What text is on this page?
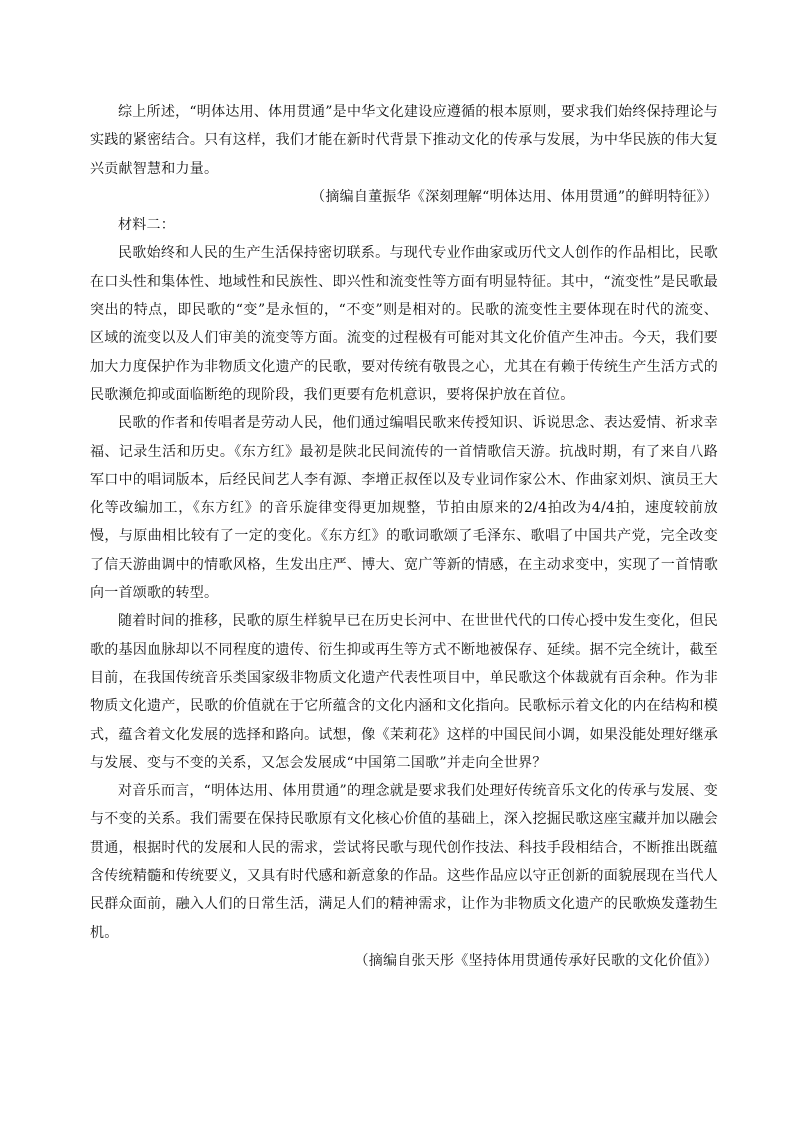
综上所述，“明体达用、体用贯通”是中华文化建设应遵循的根本原则，要求我们始终保持理论与实践的紧密结合。只有这样，我们才能在新时代背景下推动文化的传承与发展，为中华民族的伟大复兴贡献智慧和力量。

（摘编自董振华《深刻理解“明体达用、体用贯通”的鲜明特征》）

材料二：

民歌始终和人民的生产生活保持密切联系。与现代专业作曲家或历代文人创作的作品相比，民歌在口头性和集体性、地域性和民族性、即兴性和流变性等方面有明显特征。其中，“流变性”是民歌最突出的特点，即民歌的“变”是永恒的，“不变”则是相对的。民歌的流变性主要体现在时代的流变、区域的流变以及人们审美的流变等方面。流变的过程极有可能对其文化价值产生冲击。今天，我们要加大力度保护作为非物质文化遗产的民歌，要对传统有敬畏之心，尤其在有赖于传统生产生活方式的民歌濒危抑或面临断绝的现阶段，我们更要有危机意识，要将保护放在首位。

民歌的作者和传唱者是劳动人民，他们通过编唱民歌来传授知识、诉说思念、表达爱情、祈求幸福、记录生活和历史。《东方红》最初是陕北民间流传的一首情歌信天游。抗战时期，有了来自八路军口中的唱词版本，后经民间艺人李有源、李增正叔侄以及专业词作家公木、作曲家刘炽、演员王大化等改编加工，《东方红》的音乐旋律变得更加规整，节拍由原来的2/4拍改为4/4拍，速度较前放慢，与原曲相比较有了一定的变化。《东方红》的歌词歌颂了毛泽东、歌唱了中国共产党，完全改变了信天游曲调中的情歌风格，生发出庄严、博大、宽广等新的情感，在主动求变中，实现了一首情歌向一首颂歌的转型。

随着时间的推移，民歌的原生样貌早已在历史长河中、在世世代代的口传心授中发生变化，但民歌的基因血脉却以不同程度的遗传、衍生抑或再生等方式不断地被保存、延续。据不完全统计，截至目前，在我国传统音乐类国家级非物质文化遗产代表性项目中，单民歌这个体裁就有百余种。作为非物质文化遗产，民歌的价值就在于它所蕴含的文化内涵和文化指向。民歌标示着文化的内在结构和模式，蕴含着文化发展的选择和路向。试想，像《茉莉花》这样的中国民间小调，如果没能处理好继承与发展、变与不变的关系，又怎会发展成“中国第二国歌”并走向全世界？

对音乐而言，“明体达用、体用贯通”的理念就是要求我们处理好传统音乐文化的传承与发展、变与不变的关系。我们需要在保持民歌原有文化核心价值的基础上，深入挖掘民歌这座宝藏并加以融会贯通，根据时代的发展和人民的需求，尝试将民歌与现代创作技法、科技手段相结合，不断推出既蕴含传统精髓和传统要义，又具有时代感和新意象的作品。这些作品应以守正创新的面貌展现在当代人民群众面前，融入人们的日常生活，满足人们的精神需求，让作为非物质文化遗产的民歌焕发蓬勃生机。

（摘编自张天彤《坚持体用贯通传承好民歌的文化价值》）
